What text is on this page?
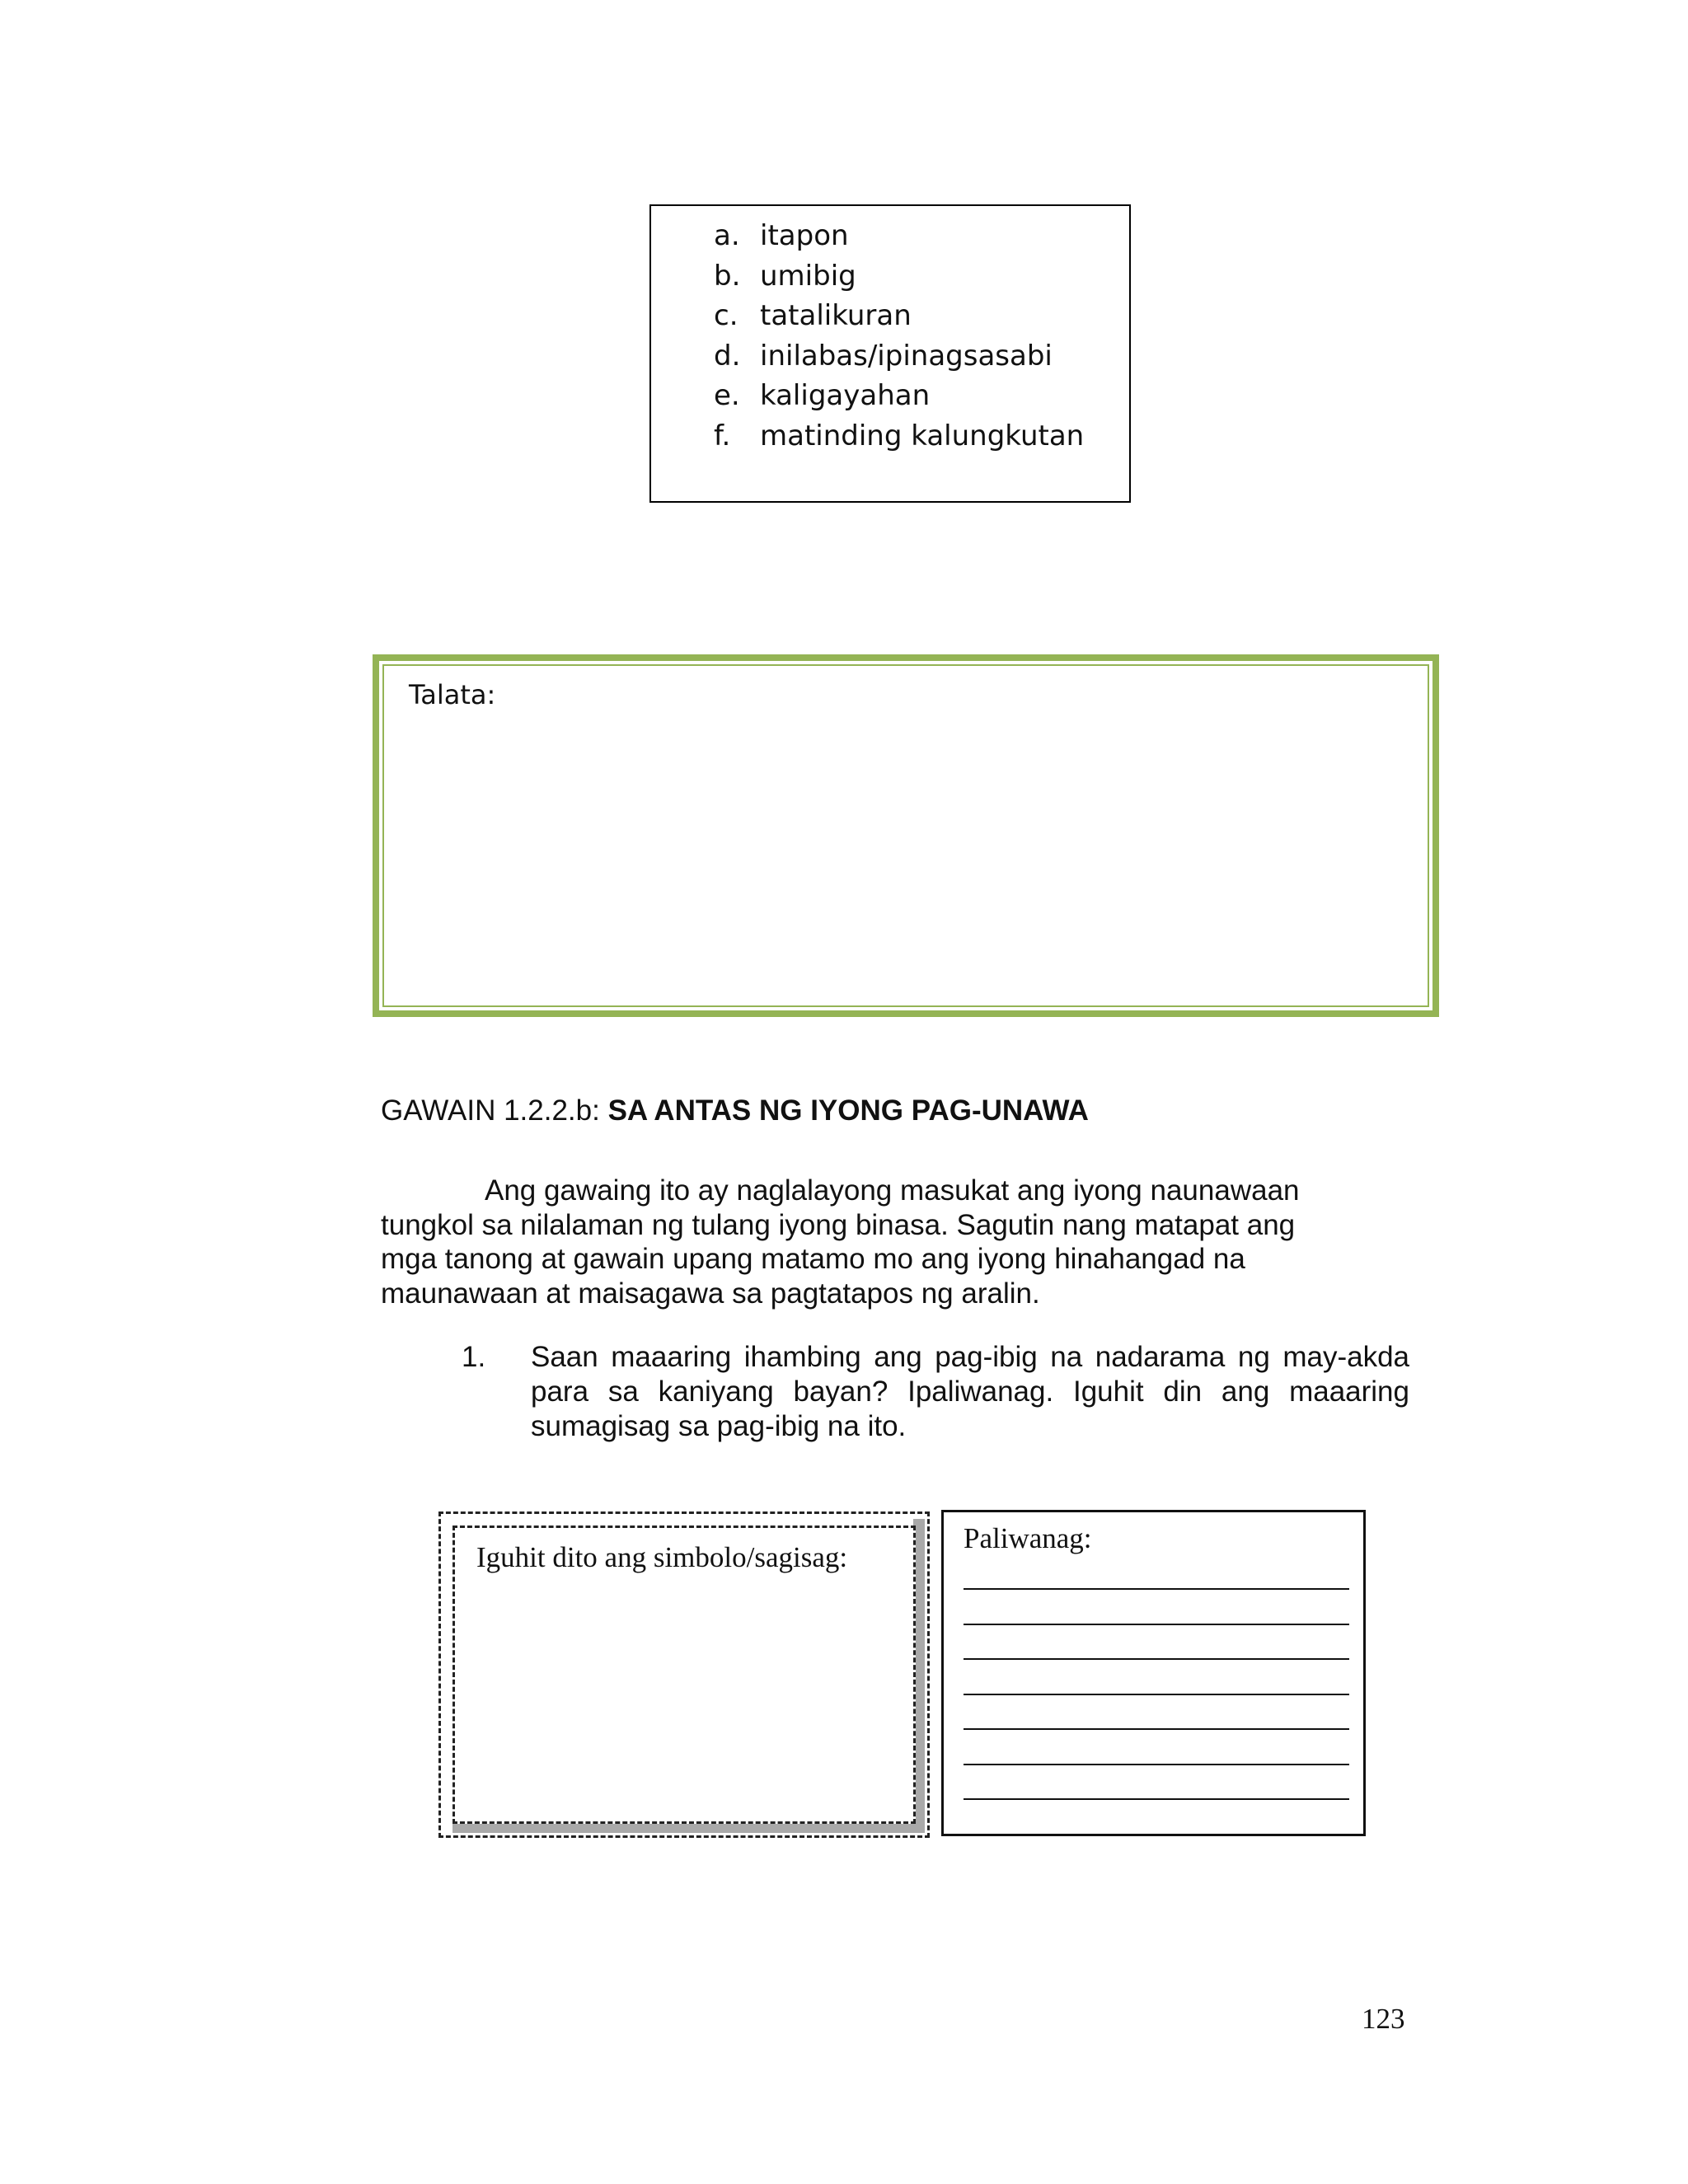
a. itapon
b. umibig
c. tatalikuran
d. inilabas/ipinagsasabi
e. kaligayahan
f. matinding kalungkutan
Talata:
GAWAIN 1.2.2.b: SA ANTAS NG IYONG PAG-UNAWA
Ang gawaing ito ay naglalayong masukat ang iyong naunawaan
tungkol sa nilalaman ng tulang iyong binasa. Sagutin nang matapat ang
mga tanong at gawain upang matamo mo ang iyong hinahangad na
maunawaan at maisagawa sa pagtatapos ng aralin.
1. Saan maaaring ihambing ang pag-ibig na nadarama ng may-akda para sa kaniyang bayan? Ipaliwanag. Iguhit din ang maaaring sumagisag sa pag-ibig na ito.
Iguhit dito ang simbolo/sagisag:
Paliwanag:
123
